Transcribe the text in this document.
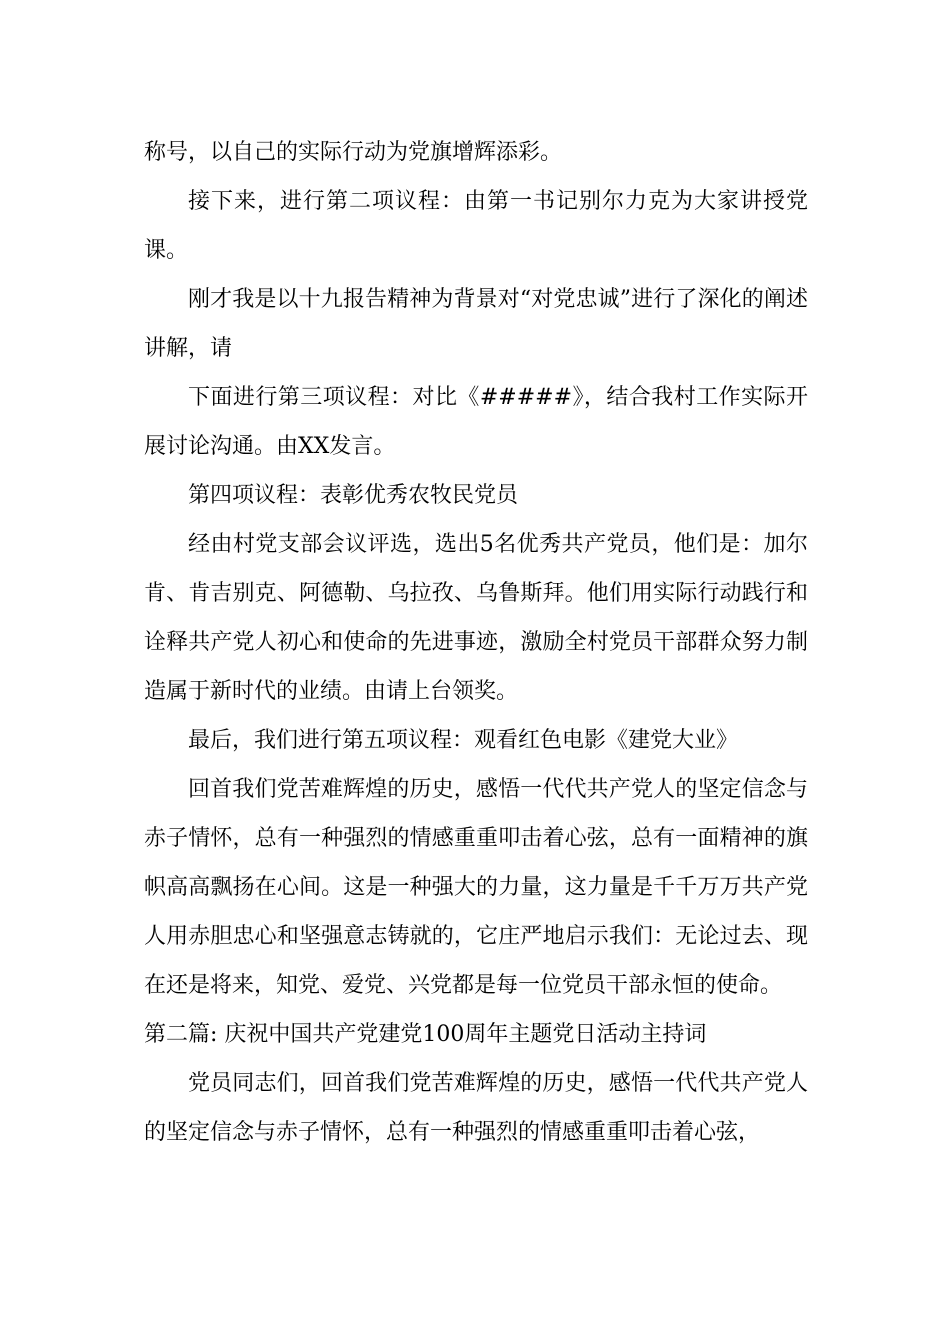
称号，以自己的实际行动为党旗增辉添彩。

接下来，进行第二项议程：由第一书记别尔力克为大家讲授党课。

刚才我是以十九报告精神为背景对“对党忠诚”进行了深化的阐述讲解，请

下面进行第三项议程：对比《#####》，结合我村工作实际开展讨论沟通。由XX发言。

第四项议程：表彰优秀农牧民党员

经由村党支部会议评选，选出5名优秀共产党员，他们是：加尔肯、肯吉别克、阿德勒、乌拉孜、乌鲁斯拜。他们用实际行动践行和诠释共产党人初心和使命的先进事迹，激励全村党员干部群众努力制造属于新时代的业绩。由请上台领奖。

最后，我们进行第五项议程：观看红色电影《建党大业》

回首我们党苦难辉煌的历史，感悟一代代共产党人的坚定信念与赤子情怀，总有一种强烈的情感重重叩击着心弦，总有一面精神的旗帜高高飘扬在心间。这是一种强大的力量，这力量是千千万万共产党人用赤胆忠心和坚强意志铸就的，它庄严地启示我们：无论过去、现在还是将来，知党、爱党、兴党都是每一位党员干部永恒的使命。

第二篇: 庆祝中国共产党建党100周年主题党日活动主持词

党员同志们，回首我们党苦难辉煌的历史，感悟一代代共产党人的坚定信念与赤子情怀，总有一种强烈的情感重重叩击着心弦，
